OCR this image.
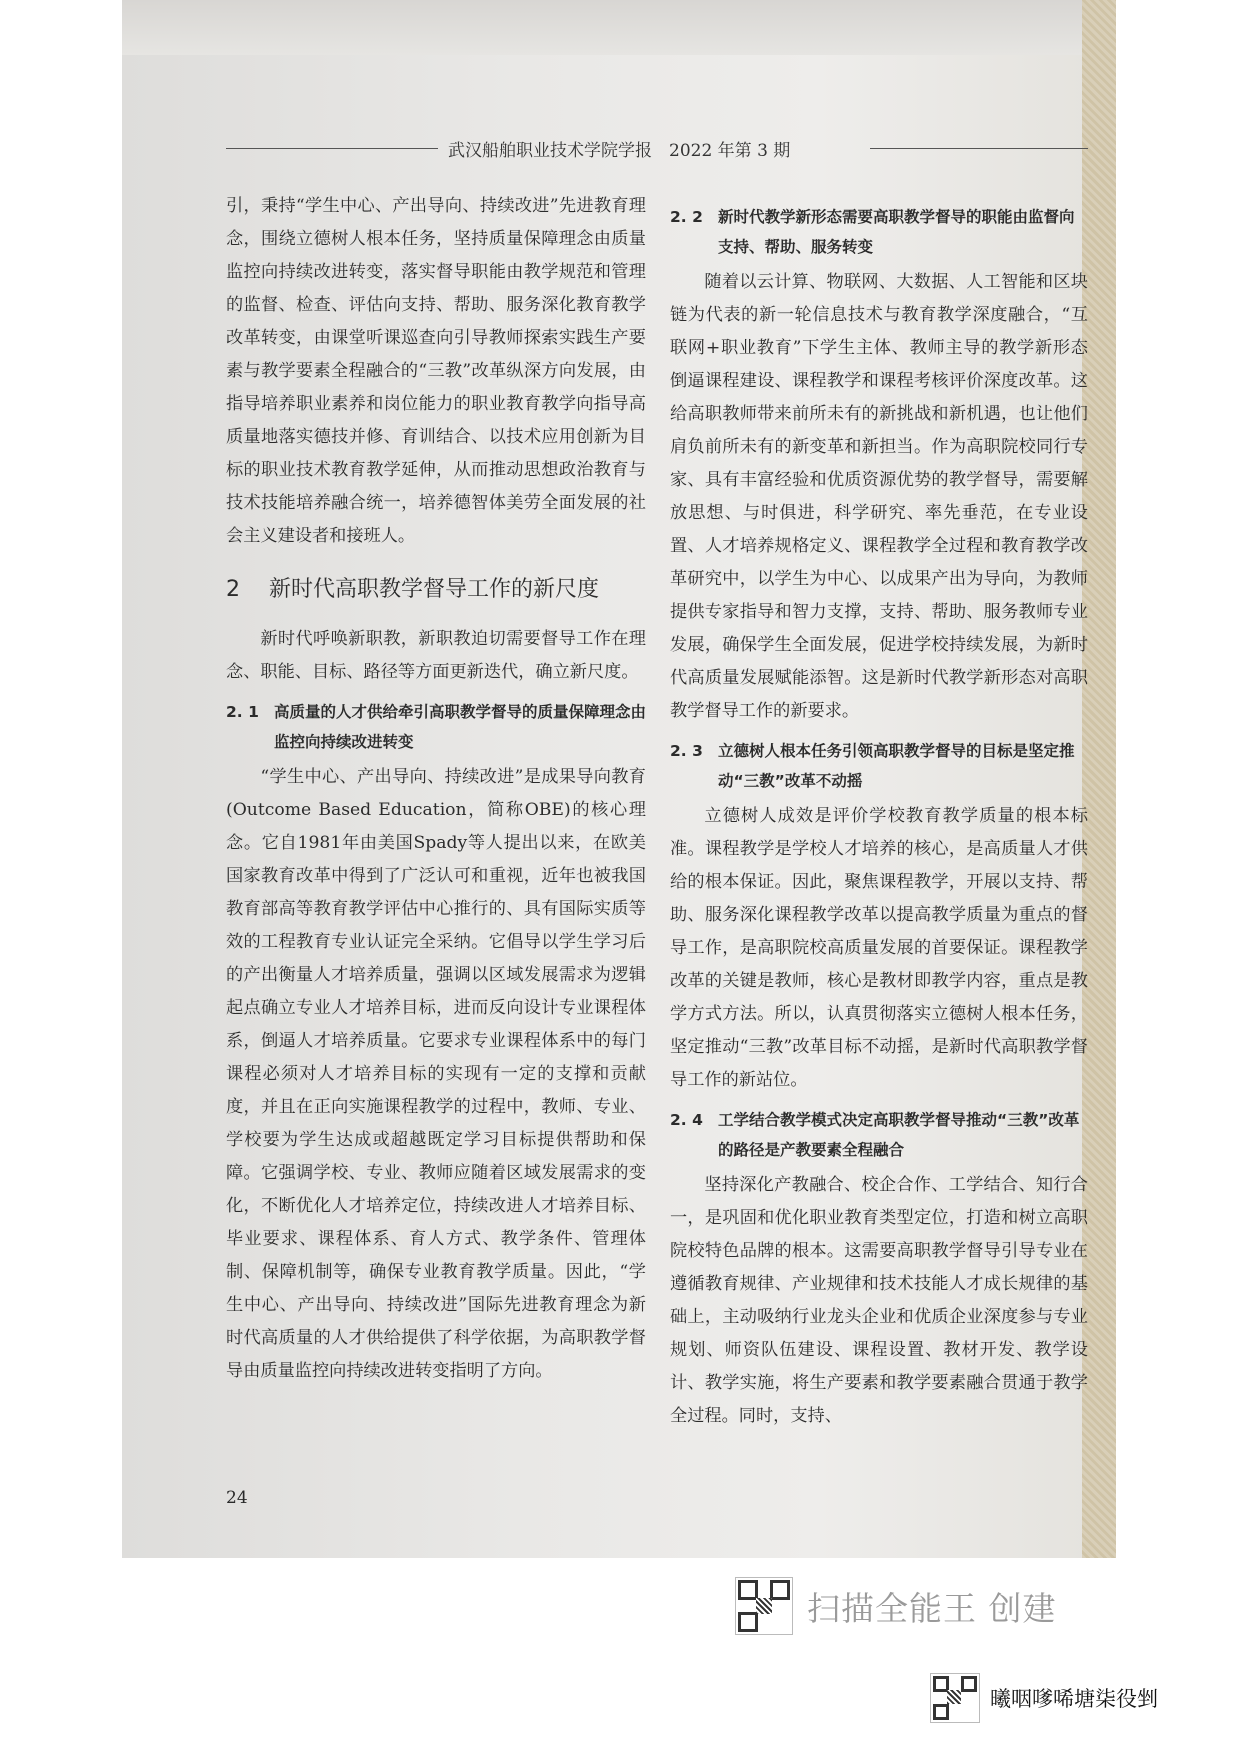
武汉船舶职业技术学院学报　2022 年第 3 期

引，秉持“学生中心、产出导向、持续改进”先进教育理念，围绕立德树人根本任务，坚持质量保障理念由质量监控向持续改进转变，落实督导职能由教学规范和管理的监督、检查、评估向支持、帮助、服务深化教育教学改革转变，由课堂听课巡查向引导教师探索实践生产要素与教学要素全程融合的“三教”改革纵深方向发展，由指导培养职业素养和岗位能力的职业教育教学向指导高质量地落实德技并修、育训结合、以技术应用创新为目标的职业技术教育教学延伸，从而推动思想政治教育与技术技能培养融合统一，培养德智体美劳全面发展的社会主义建设者和接班人。

2 新时代高职教学督导工作的新尺度

新时代呼唤新职教，新职教迫切需要督导工作在理念、职能、目标、路径等方面更新迭代，确立新尺度。

2. 1 高质量的人才供给牵引高职教学督导的质量保障理念由监控向持续改进转变

“学生中心、产出导向、持续改进”是成果导向教育(Outcome Based Education，简称OBE)的核心理念。它自1981年由美国Spady等人提出以来，在欧美国家教育改革中得到了广泛认可和重视，近年也被我国教育部高等教育教学评估中心推行的、具有国际实质等效的工程教育专业认证完全采纳。它倡导以学生学习后的产出衡量人才培养质量，强调以区域发展需求为逻辑起点确立专业人才培养目标，进而反向设计专业课程体系，倒逼人才培养质量。它要求专业课程体系中的每门课程必须对人才培养目标的实现有一定的支撑和贡献度，并且在正向实施课程教学的过程中，教师、专业、学校要为学生达成或超越既定学习目标提供帮助和保障。它强调学校、专业、教师应随着区域发展需求的变化，不断优化人才培养定位，持续改进人才培养目标、毕业要求、课程体系、育人方式、教学条件、管理体制、保障机制等，确保专业教育教学质量。因此，“学生中心、产出导向、持续改进”国际先进教育理念为新时代高质量的人才供给提供了科学依据，为高职教学督导由质量监控向持续改进转变指明了方向。

24
2. 2 新时代教学新形态需要高职教学督导的职能由监督向支持、帮助、服务转变

随着以云计算、物联网、大数据、人工智能和区块链为代表的新一轮信息技术与教育教学深度融合，“互联网+职业教育”下学生主体、教师主导的教学新形态倒逼课程建设、课程教学和课程考核评价深度改革。这给高职教师带来前所未有的新挑战和新机遇，也让他们肩负前所未有的新变革和新担当。作为高职院校同行专家、具有丰富经验和优质资源优势的教学督导，需要解放思想、与时俱进，科学研究、率先垂范，在专业设置、人才培养规格定义、课程教学全过程和教育教学改革研究中，以学生为中心、以成果产出为导向，为教师提供专家指导和智力支撑，支持、帮助、服务教师专业发展，确保学生全面发展，促进学校持续发展，为新时代高质量发展赋能添智。这是新时代教学新形态对高职教学督导工作的新要求。

2. 3 立德树人根本任务引领高职教学督导的目标是坚定推动“三教”改革不动摇

立德树人成效是评价学校教育教学质量的根本标准。课程教学是学校人才培养的核心，是高质量人才供给的根本保证。因此，聚焦课程教学，开展以支持、帮助、服务深化课程教学改革以提高教学质量为重点的督导工作，是高职院校高质量发展的首要保证。课程教学改革的关键是教师，核心是教材即教学内容，重点是教学方式方法。所以，认真贯彻落实立德树人根本任务，坚定推动“三教”改革目标不动摇，是新时代高职教学督导工作的新站位。

2. 4 工学结合教学模式决定高职教学督导推动“三教”改革的路径是产教要素全程融合

坚持深化产教融合、校企合作、工学结合、知行合一，是巩固和优化职业教育类型定位，打造和树立高职院校特色品牌的根本。这需要高职教学督导引导专业在遵循教育规律、产业规律和技术技能人才成长规律的基础上，主动吸纳行业龙头企业和优质企业深度参与专业规划、师资队伍建设、课程设置、教材开发、教学设计、教学实施，将生产要素和教学要素融合贯通于教学全过程。同时，支持、

扫描全能王 创建
曦咽嗲唏塘柒役剉
